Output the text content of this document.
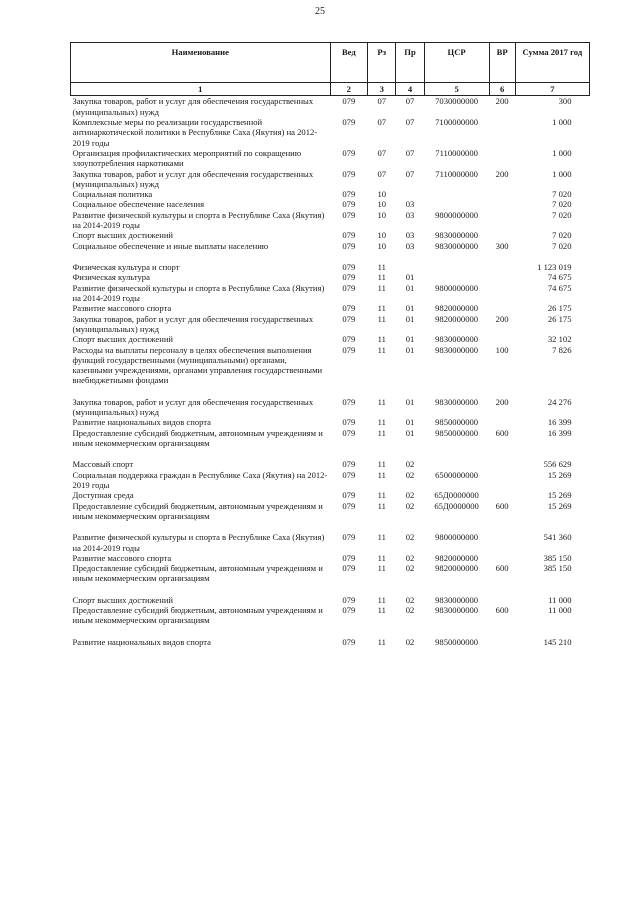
25
Наименование	Вед	Рз	Пр	ЦСР	ВР	Сумма 2017 год
1	2	3	4	5	6	7
Закупка товаров, работ и услуг для обеспечения государственных (муниципальных) нужд	079	07	07	7030000000	200	300
Комплексные меры по реализации государственной антинаркотической политики в Республике Саха (Якутия) на 2012-2019 годы	079	07	07	7100000000		1 000
Организация профилактических мероприятий по сокращению злоупотребления наркотиками	079	07	07	7110000000		1 000
Закупка товаров, работ и услуг для обеспечения государственных (муниципальных) нужд	079	07	07	7110000000	200	1 000
Социальная политика	079	10				7 020
Социальное обеспечение населения	079	10	03			7 020
Развитие физической культуры и спорта в Республике Саха (Якутия) на 2014-2019 годы	079	10	03	9800000000		7 020
Спорт высших достижений	079	10	03	9830000000		7 020
Социальное обеспечение и иные выплаты населению	079	10	03	9830000000	300	7 020
Физическая культура и спорт	079	11				1 123 019
Физическая культура	079	11	01			74 675
Развитие физической культуры и спорта в Республике Саха (Якутия) на 2014-2019 годы	079	11	01	9800000000		74 675
Развитие массового спорта	079	11	01	9820000000		26 175
Закупка товаров, работ и услуг для обеспечения государственных (муниципальных) нужд	079	11	01	9820000000	200	26 175
Спорт высших достижений	079	11	01	9830000000		32 102
Расходы на выплаты персоналу в целях обеспечения выполнения функций государственными (муниципальными) органами, казенными учреждениями, органами управления государственными внебюджетными фондами	079	11	01	9830000000	100	7 826
Закупка товаров, работ и услуг для обеспечения государственных (муниципальных) нужд	079	11	01	9830000000	200	24 276
Развитие национальных видов спорта	079	11	01	9850000000		16 399
Предоставление субсидий бюджетным, автономным учреждениям и иным некоммерческим организациям	079	11	01	9850000000	600	16 399
Массовый спорт	079	11	02			556 629
Социальная поддержка граждан в Республике Саха (Якутия) на 2012-2019 годы	079	11	02	6500000000		15 269
Доступная среда	079	11	02	65Д0000000		15 269
Предоставление субсидий бюджетным, автономным учреждениям и иным некоммерческим организациям	079	11	02	65Д0000000	600	15 269
Развитие физической культуры и спорта в Республике Саха (Якутия) на 2014-2019 годы	079	11	02	9800000000		541 360
Развитие массового спорта	079	11	02	9820000000		385 150
Предоставление субсидий бюджетным, автономным учреждениям и иным некоммерческим организациям	079	11	02	9820000000	600	385 150
Спорт высших достижений	079	11	02	9830000000		11 000
Предоставление субсидий бюджетным, автономным учреждениям и иным некоммерческим организациям	079	11	02	9830000000	600	11 000
Развитие национальных видов спорта	079	11	02	9850000000		145 210
